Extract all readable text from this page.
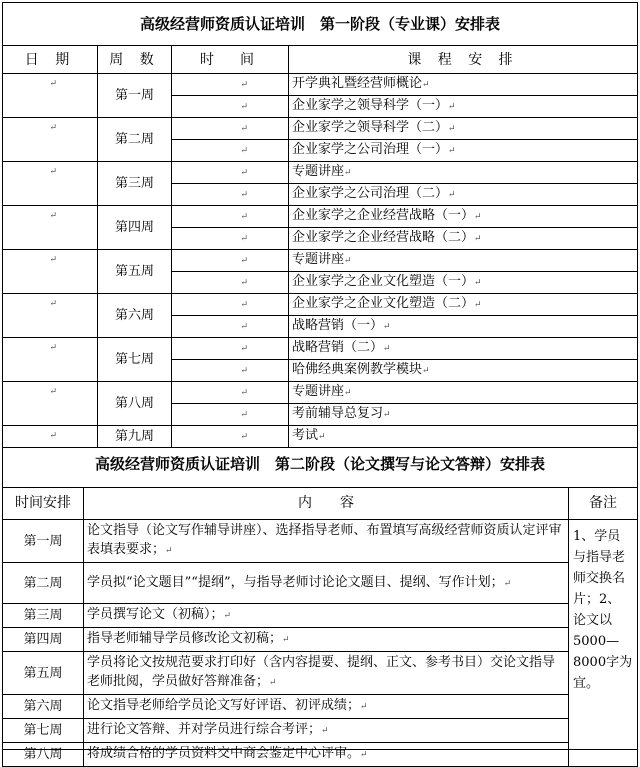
高级经营师资质认证培训　第一阶段（专业课）安排表
日 期	周 数	时　间	课 程 安 排

↵	第一周	↵	开学典礼暨经营师概论↵

		↵	企业家学之领导科学（一）↵

↵	第二周	↵	企业家学之领导科学（二）↵

		↵	企业家学之公司治理（一）↵

↵	第三周	↵	专题讲座↵

		↵	企业家学之公司治理（二）↵

↵	第四周	↵	企业家学之企业经营战略（一）↵

		↵	企业家学之企业经营战略（二）↵

↵	第五周	↵	专题讲座↵

		↵	企业家学之企业文化塑造（一）↵

↵	第六周	↵	企业家学之企业文化塑造（二）↵

		↵	战略营销（一）↵

↵	第七周	↵	战略营销（二）↵

		↵	哈佛经典案例教学模块↵

↵	第八周	↵	专题讲座↵

		↵	考前辅导总复习↵

↵	第九周	↵	考试↵
高级经营师资质认证培训　第二阶段（论文撰写与论文答辩）安排表
时间安排	内　　容	备注
第一周	论文指导（论文写作辅导讲座）、选择指导老师、布置填写高级经营师资质认定评审表填表要求；↵	1、学员与指导老师交换名片；2、论文以5000—8000字为宜。
第二周	学员拟“论文题目”“提纲”，与指导老师讨论论文题目、提纲、写作计划；↵	
第三周	学员撰写论文（初稿）；↵	
第四周	指导老师辅导学员修改论文初稿；↵	
第五周	学员将论文按规范要求打印好（含内容提要、提纲、正文、参考书目）交论文指导老师批阅，学员做好答辩准备；↵	
第六周	论文指导老师给学员论文写好评语、初评成绩；↵	
第七周	进行论文答辩、并对学员进行综合考评；↵	
第八周	将成绩合格的学员资料交中商会鉴定中心评审。↵	
